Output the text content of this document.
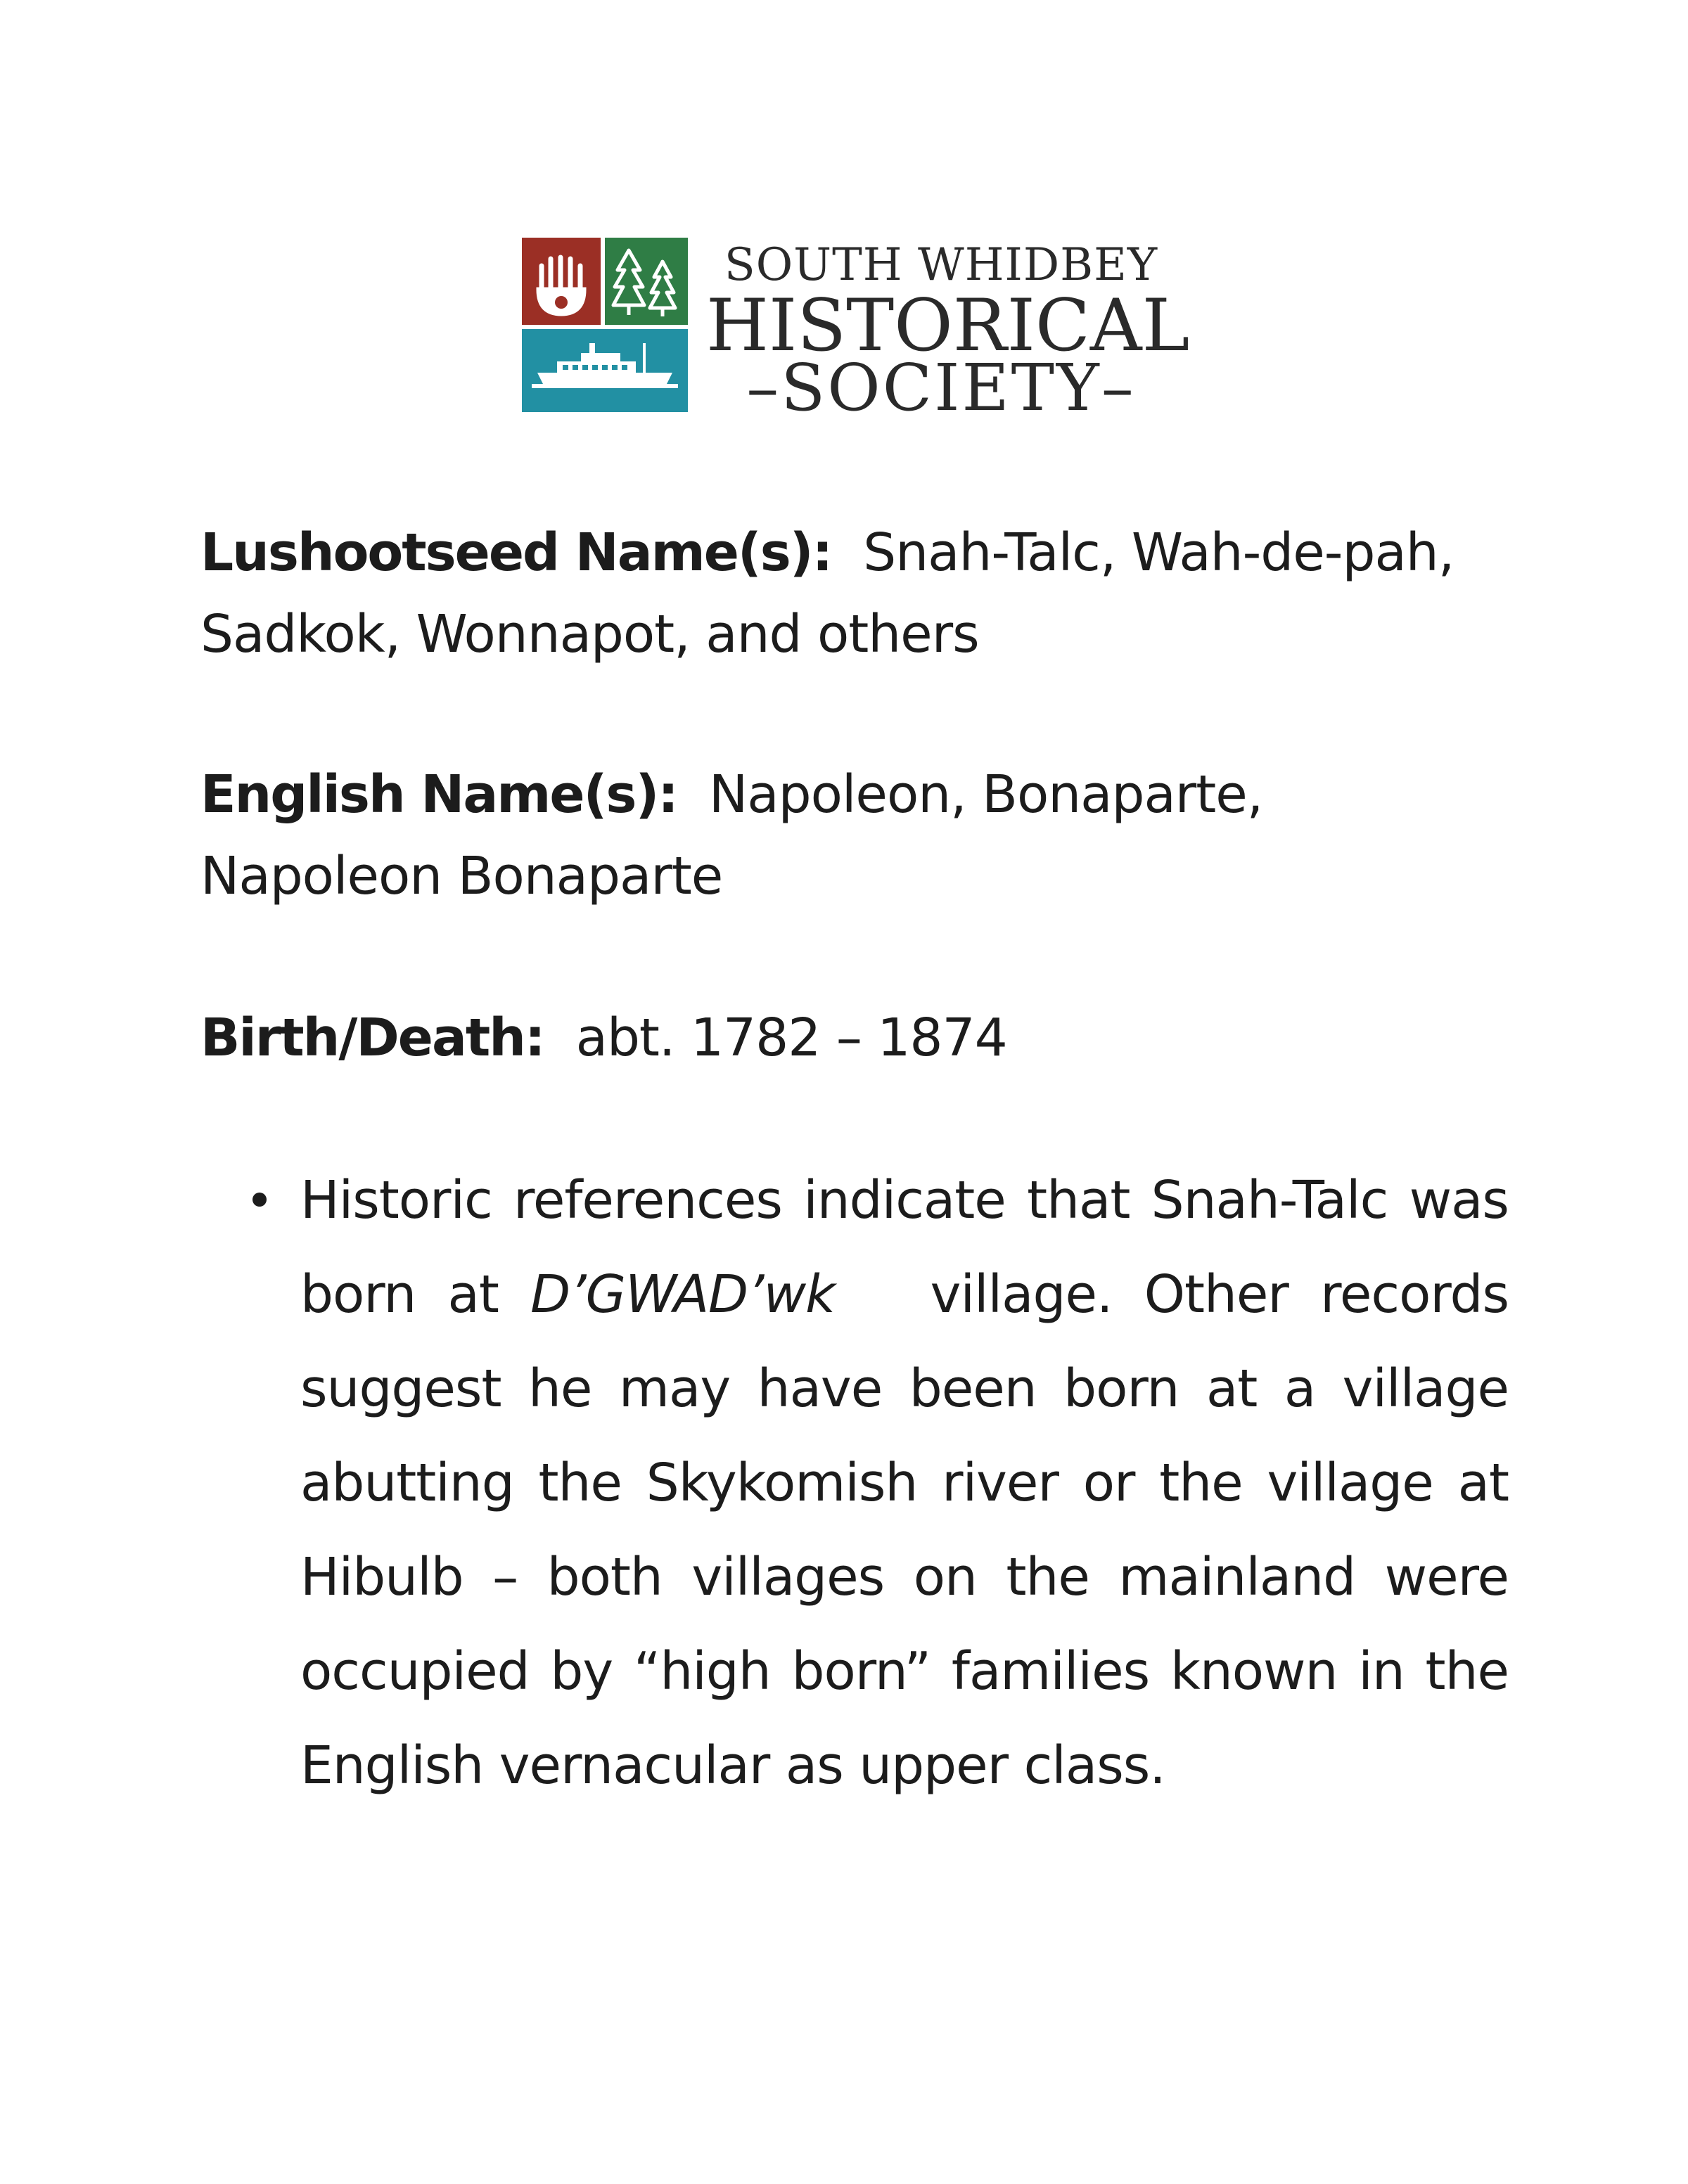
SOUTH WHIDBEY
HISTORICAL
–SOCIETY–
Lushootseed Name(s): Snah-Talc, Wah-de-pah, Sadkok, Wonnapot, and others
English Name(s): Napoleon, Bonaparte, Napoleon Bonaparte
Birth/Death: abt. 1782 – 1874
Historic references indicate that Snah-Talc was born at D’GWAD’wk   village. Other records suggest he may have been born at a village abutting the Skykomish river or the village at Hibulb – both villages on the mainland were occupied by “high born” families known in the English vernacular as upper class.
